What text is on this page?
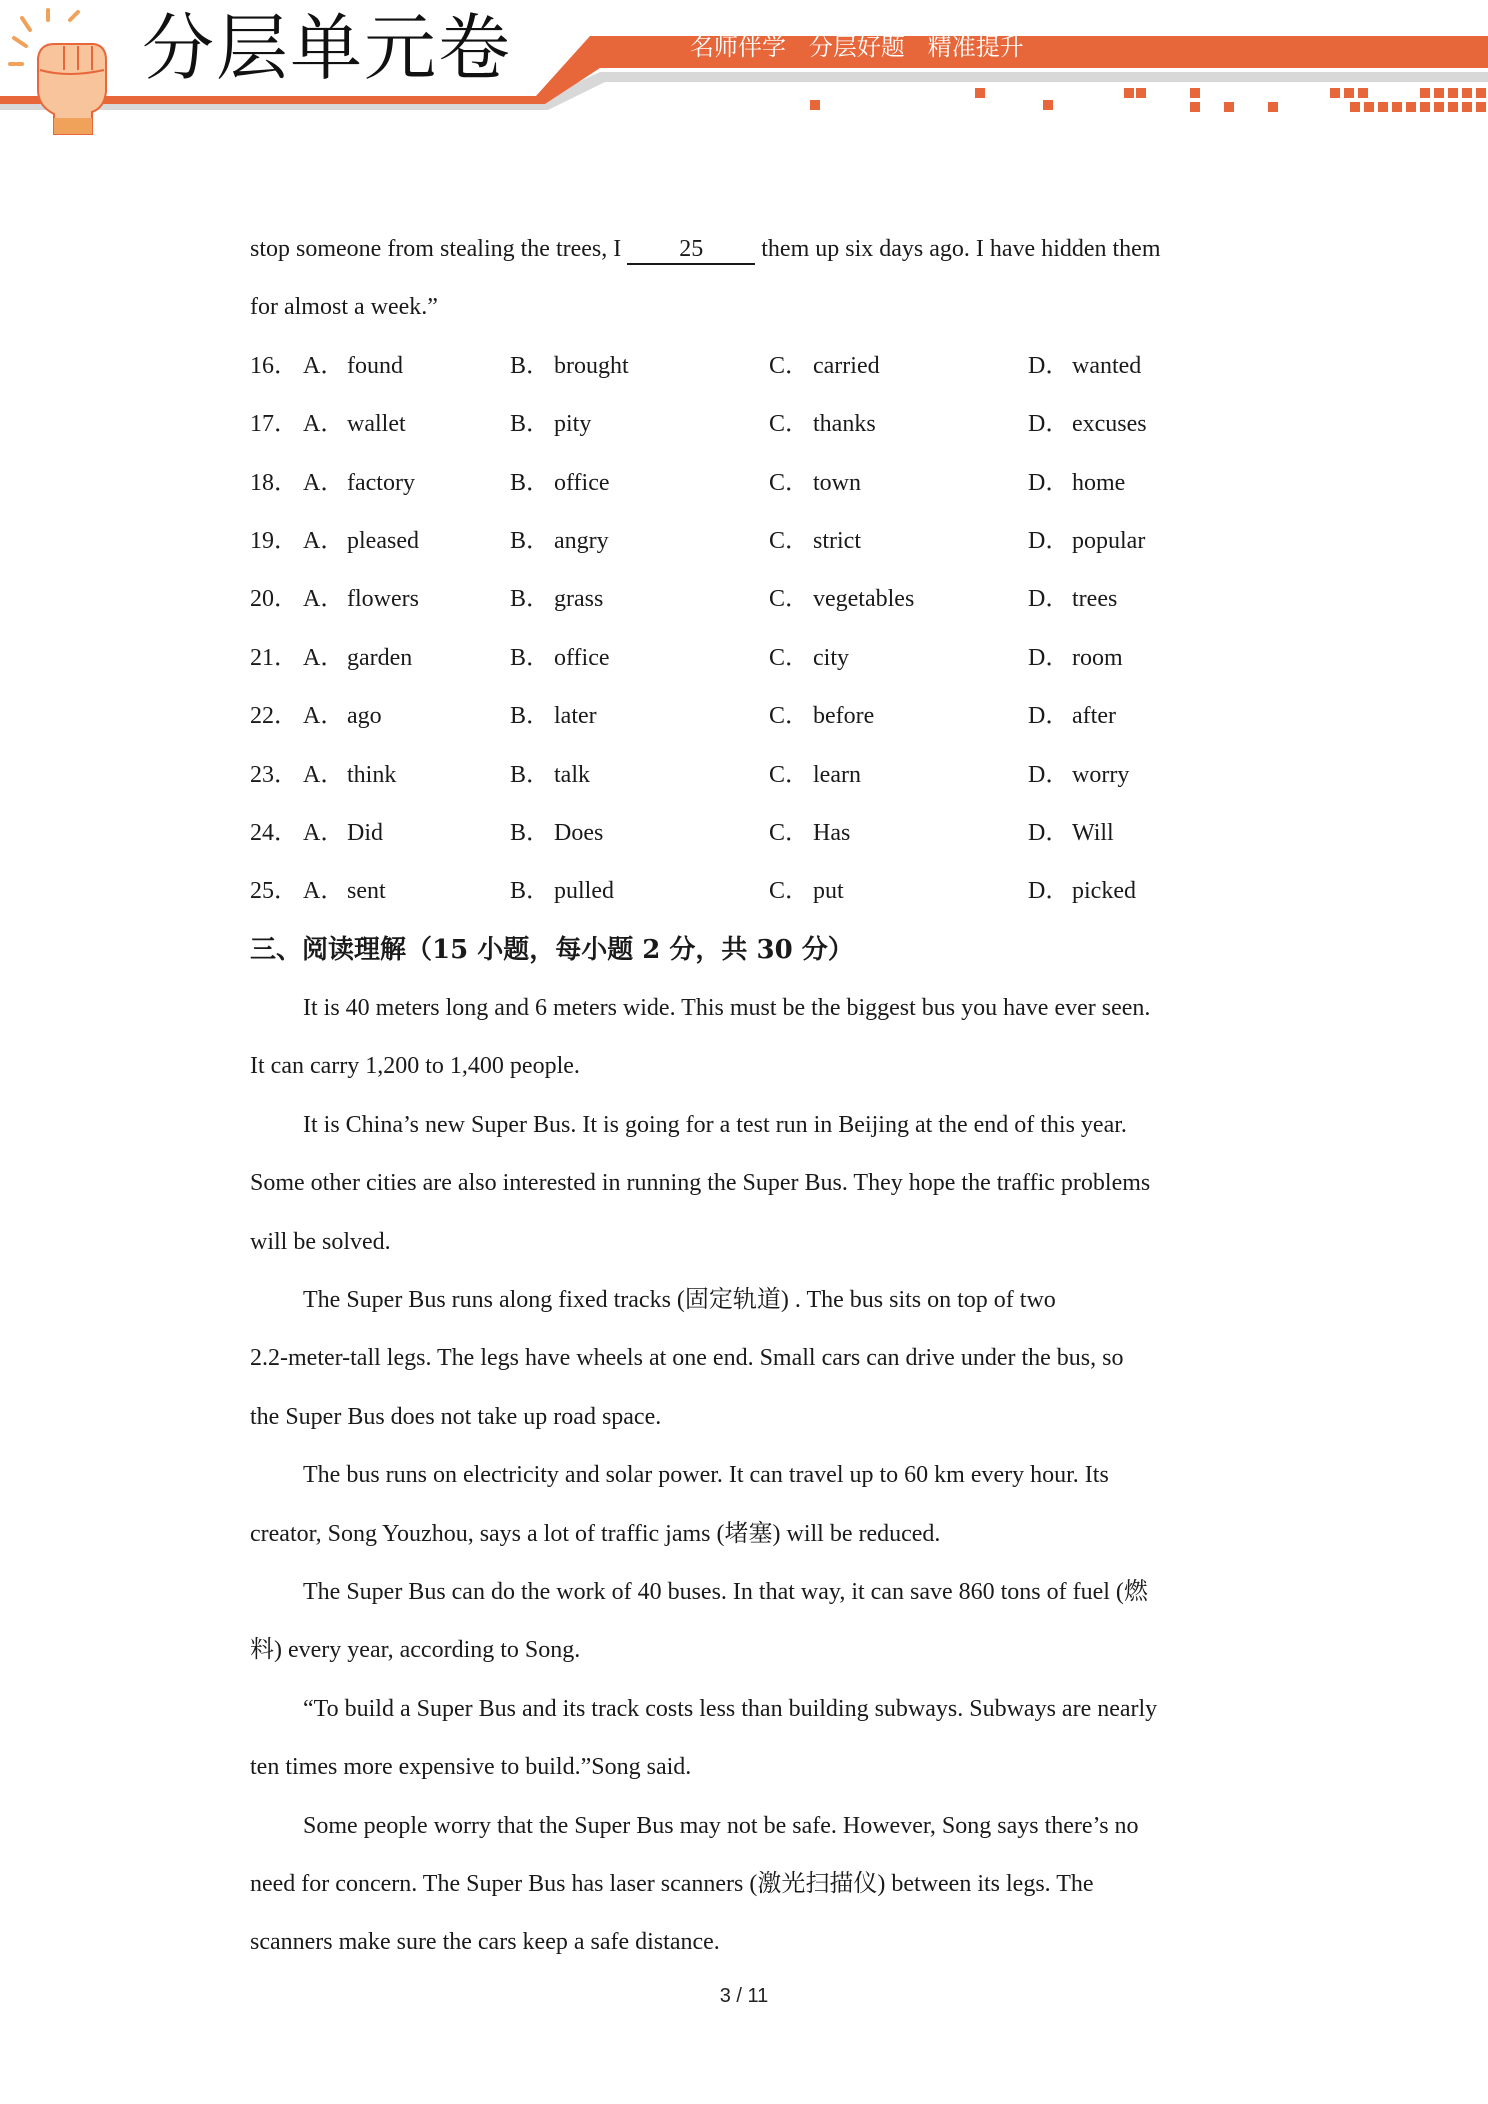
分层单元卷	名师伴学   分层好题   精准提升
stop someone from stealing the trees, I 25 them up six days ago. I have hidden them
for almost a week.”
16． A． found	B． brought	C． carried	D． wanted
17． A． wallet	B． pity	C． thanks	D． excuses
18． A． factory	B． office	C． town	D． home
19． A． pleased	B． angry	C． strict	D． popular
20． A． flowers	B． grass	C． vegetables	D． trees
21． A． garden	B． office	C． city	D． room
22． A． ago	B． later	C． before	D． after
23． A． think	B． talk	C． learn	D． worry
24． A． Did	B． Does	C． Has	D． Will
25． A． sent	B． pulled	C． put	D． picked
三、阅读理解（15 小题，每小题 2 分，共 30 分）
It is 40 meters long and 6 meters wide. This must be the biggest bus you have ever seen.
It can carry 1,200 to 1,400 people.
It is China’s new Super Bus. It is going for a test run in Beijing at the end of this year.
Some other cities are also interested in running the Super Bus. They hope the traffic problems
will be solved.
The Super Bus runs along fixed tracks (固定轨道) . The bus sits on top of two
2.2-meter-tall legs. The legs have wheels at one end. Small cars can drive under the bus, so
the Super Bus does not take up road space.
The bus runs on electricity and solar power. It can travel up to 60 km every hour. Its
creator, Song Youzhou, says a lot of traffic jams (堵塞) will be reduced.
The Super Bus can do the work of 40 buses. In that way, it can save 860 tons of fuel (燃
料) every year, according to Song.
“To build a Super Bus and its track costs less than building subways. Subways are nearly
ten times more expensive to build.”Song said.
Some people worry that the Super Bus may not be safe. However, Song says there’s no
need for concern. The Super Bus has laser scanners (激光扫描仪) between its legs. The
scanners make sure the cars keep a safe distance.
3 / 11
